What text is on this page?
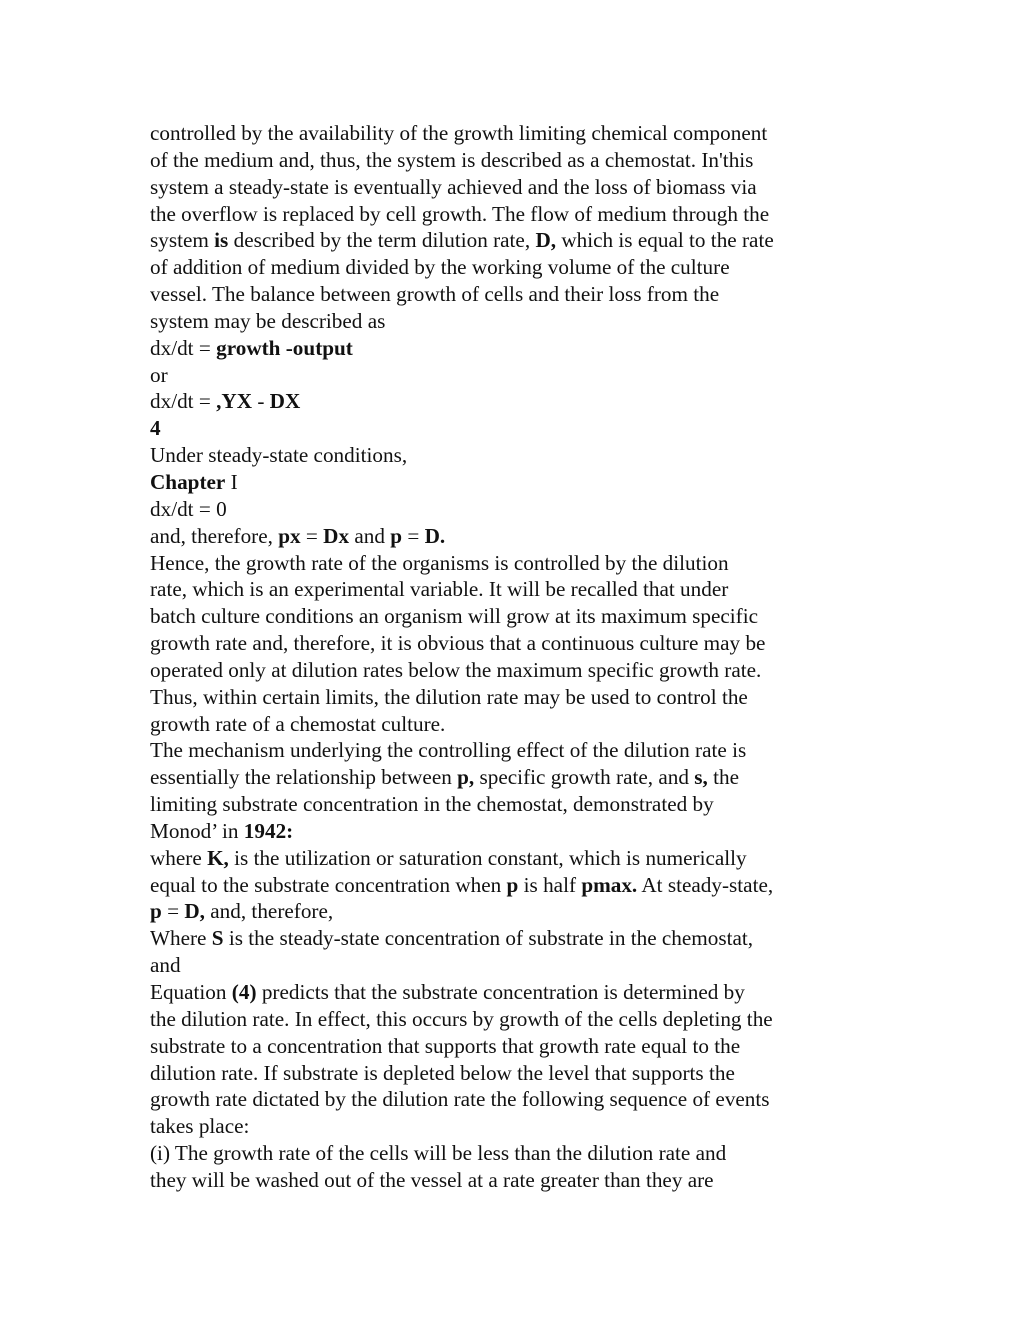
controlled by the availability of the growth limiting chemical component
of the medium and, thus, the system is described as a chemostat. In'this
system a steady-state is eventually achieved and the loss of biomass via
the overflow is replaced by cell growth. The flow of medium through the
system is described by the term dilution rate, D, which is equal to the rate
of addition of medium divided by the working volume of the culture
vessel. The balance between growth of cells and their loss from the
system may be described as
dx/dt = growth -output
or
dx/dt = ,YX - DX
4
Under steady-state conditions,
Chapter I
dx/dt = 0
and, therefore, px = Dx and p = D.
Hence, the growth rate of the organisms is controlled by the dilution
rate, which is an experimental variable. It will be recalled that under
batch culture conditions an organism will grow at its maximum specific
growth rate and, therefore, it is obvious that a continuous culture may be
operated only at dilution rates below the maximum specific growth rate.
Thus, within certain limits, the dilution rate may be used to control the
growth rate of a chemostat culture.
The mechanism underlying the controlling effect of the dilution rate is
essentially the relationship between p, specific growth rate, and s, the
limiting substrate concentration in the chemostat, demonstrated by
Monod’ in 1942:
where K, is the utilization or saturation constant, which is numerically
equal to the substrate concentration when p is half pmax. At steady-state,
p = D, and, therefore,
Where S is the steady-state concentration of substrate in the chemostat,
and
Equation (4) predicts that the substrate concentration is determined by
the dilution rate. In effect, this occurs by growth of the cells depleting the
substrate to a concentration that supports that growth rate equal to the
dilution rate. If substrate is depleted below the level that supports the
growth rate dictated by the dilution rate the following sequence of events
takes place:
(i) The growth rate of the cells will be less than the dilution rate and
they will be washed out of the vessel at a rate greater than they are
